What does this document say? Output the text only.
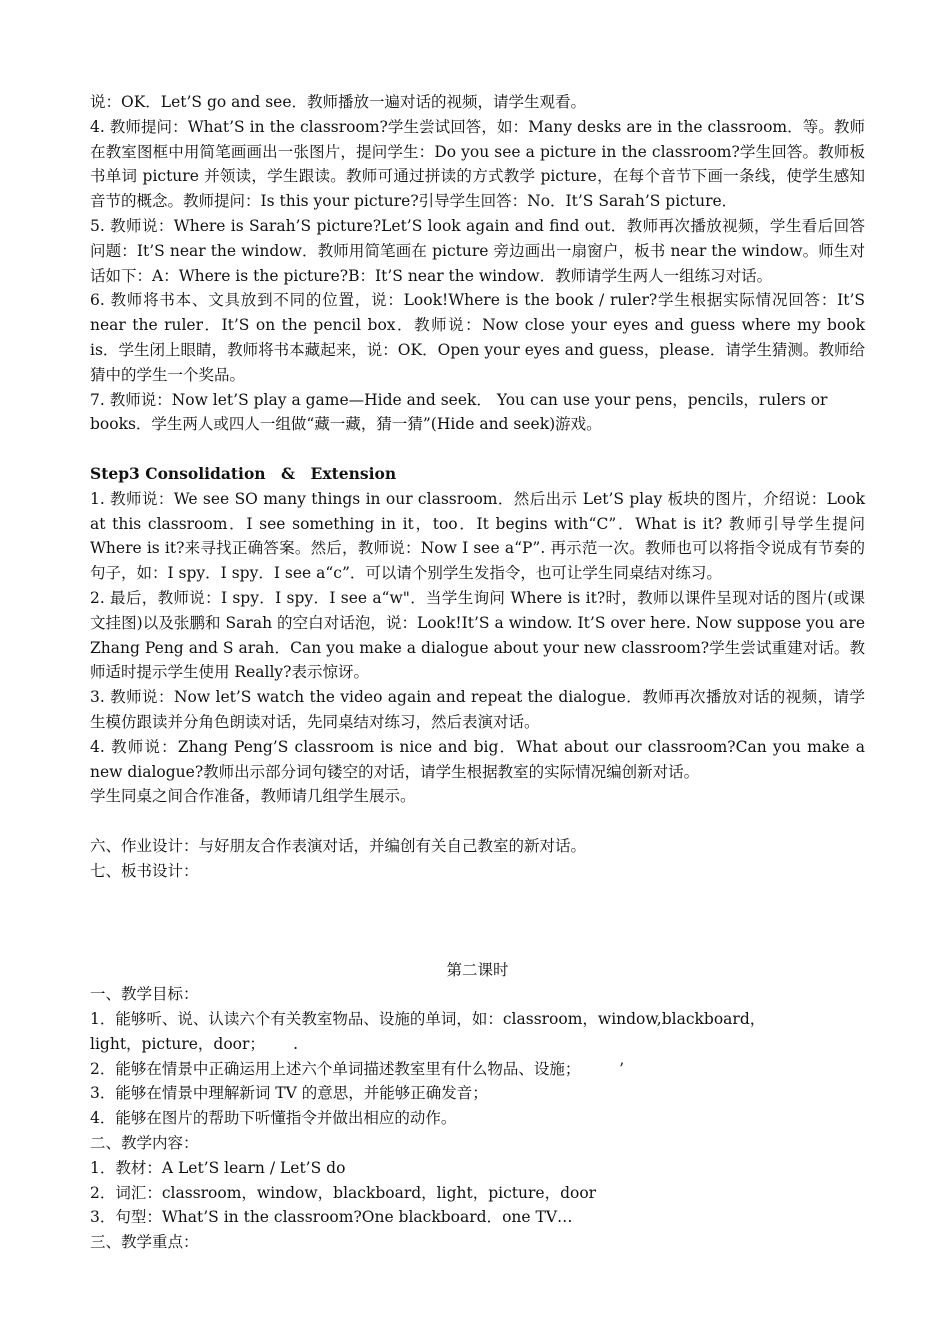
说：OK．Let’S go and see．教师播放一遍对话的视频，请学生观看。

4. 教师提问：What’S in the classroom?学生尝试回答，如：Many desks are in the classroom．等。教师在教室图框中用简笔画画出一张图片，提问学生：Do you see a picture in the classroom?学生回答。教师板书单词 picture 并领读，学生跟读。教师可通过拼读的方式教学 picture，在每个音节下画一条线，使学生感知音节的概念。教师提问：Is this your picture?引导学生回答：No．It’S Sarah’S picture．

5. 教师说：Where is Sarah’S picture?Let’S look again and find out．教师再次播放视频，学生看后回答问题：It’S near the window．教师用简笔画在 picture 旁边画出一扇窗户，板书 near the window。师生对话如下：A：Where is the picture?B：It’S near the window．教师请学生两人一组练习对话。

6. 教师将书本、文具放到不同的位置，说：Look!Where is the book / ruler?学生根据实际情况回答：It’S near the ruler．It’S on the pencil box．教师说：Now close your eyes and guess where my book is．学生闭上眼睛，教师将书本藏起来，说：OK．Open your eyes and guess，please．请学生猜测。教师给猜中的学生一个奖品。

7. 教师说：Now let’S play a game—Hide and seek． You can use your pens，pencils，rulers or

books．学生两人或四人一组做“藏一藏，猜一猜”(Hide and seek)游戏。

Step3 Consolidation　&　Extension

1. 教师说：We see SO many things in our classroom．然后出示 Let’S play 板块的图片，介绍说：Look at this classroom．I see something in it，too．It begins with“C”．What is it? 教师引导学生提问 Where is it?来寻找正确答案。然后，教师说：Now I see a“P”. 再示范一次。教师也可以将指令说成有节奏的句子，如：I spy．I spy．I see a“c”．可以请个别学生发指令，也可让学生同桌结对练习。

2. 最后，教师说：I spy．I spy．I see a“w"．当学生询问 Where is it?时，教师以课件呈现对话的图片(或课文挂图)以及张鹏和 Sarah 的空白对话泡，说：Look!It’S a window. It’S over here. Now suppose you are Zhang Peng and S arah．Can you make a dialogue about your new classroom?学生尝试重建对话。教师适时提示学生使用 Really?表示惊讶。

3. 教师说：Now let’S watch the video again and repeat the dialogue．教师再次播放对话的视频，请学生模仿跟读并分角色朗读对话，先同桌结对练习，然后表演对话。

4. 教师说：Zhang Peng’S classroom is nice and big．What about our classroom?Can you make a new dialogue?教师出示部分词句镂空的对话，请学生根据教室的实际情况编创新对话。

学生同桌之间合作准备，教师请几组学生展示。

六、作业设计：与好朋友合作表演对话，并编创有关自己教室的新对话。

七、板书设计：

第二课时

一、教学目标：

1．能够听、说、认读六个有关教室物品、设施的单词，如：classroom，window,blackboard，

light，picture，door；　　 .

2．能够在情景中正确运用上述六个单词描述教室里有什么物品、设施；　　　’

3．能够在情景中理解新词 TV 的意思，并能够正确发音；

4．能够在图片的帮助下听懂指令并做出相应的动作。

二、教学内容：

1．教材：A Let’S learn / Let’S do

2．词汇：classroom，window，blackboard，light，picture，door

3．句型：What’S in the classroom?One blackboard．one TV…

三、教学重点：
